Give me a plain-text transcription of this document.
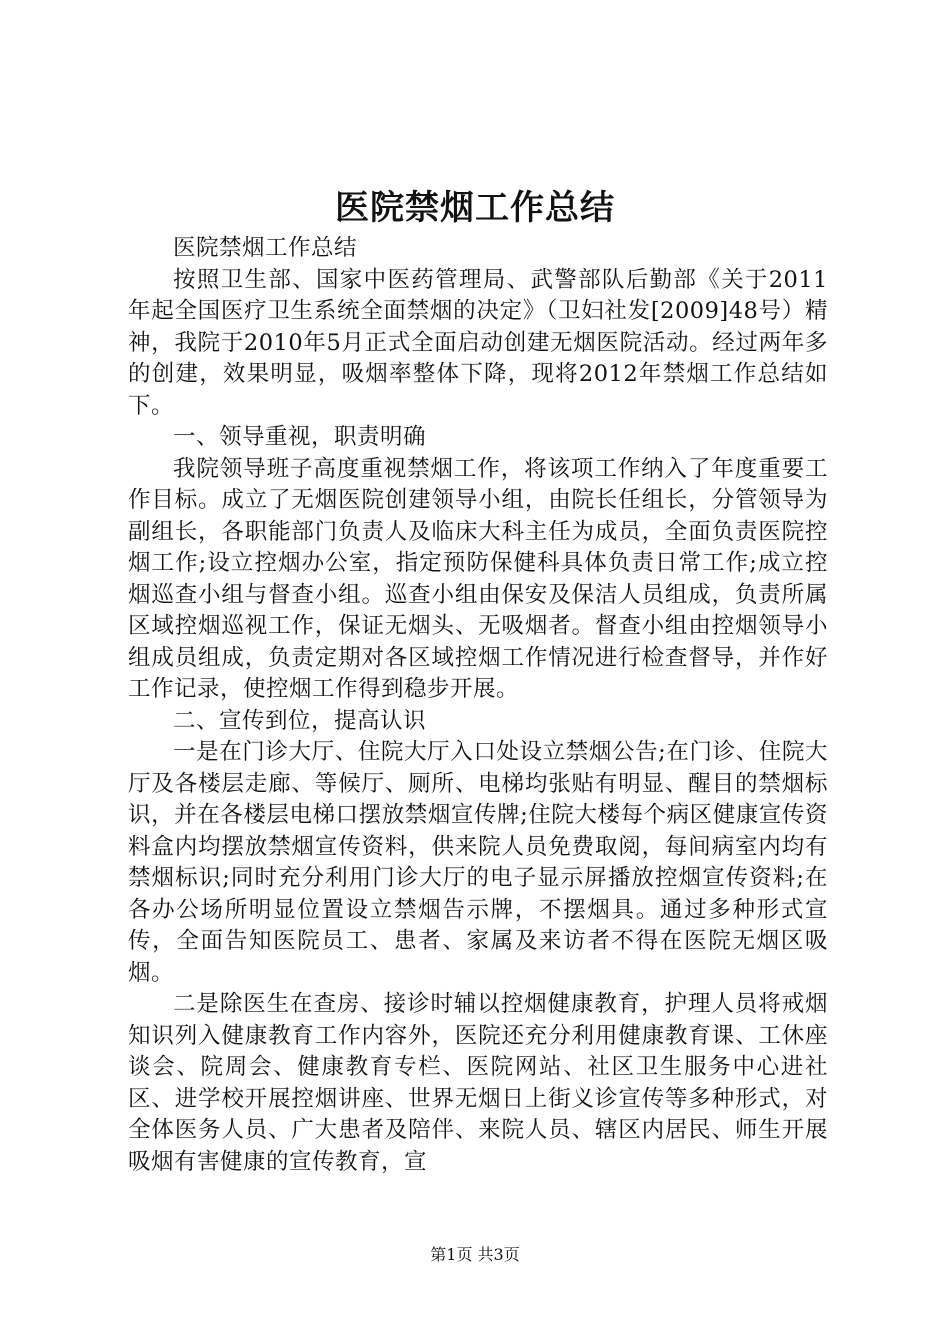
医院禁烟工作总结

医院禁烟工作总结

按照卫生部、国家中医药管理局、武警部队后勤部《关于2011年起全国医疗卫生系统全面禁烟的决定》（卫妇社发[2009]48号）精神，我院于2010年5月正式全面启动创建无烟医院活动。经过两年多的创建，效果明显，吸烟率整体下降，现将2012年禁烟工作总结如下。

一、领导重视，职责明确

我院领导班子高度重视禁烟工作，将该项工作纳入了年度重要工作目标。成立了无烟医院创建领导小组，由院长任组长，分管领导为副组长，各职能部门负责人及临床大科主任为成员，全面负责医院控烟工作;设立控烟办公室，指定预防保健科具体负责日常工作;成立控烟巡查小组与督查小组。巡查小组由保安及保洁人员组成，负责所属区域控烟巡视工作，保证无烟头、无吸烟者。督查小组由控烟领导小组成员组成，负责定期对各区域控烟工作情况进行检查督导，并作好工作记录，使控烟工作得到稳步开展。

二、宣传到位，提高认识

一是在门诊大厅、住院大厅入口处设立禁烟公告;在门诊、住院大厅及各楼层走廊、等候厅、厕所、电梯均张贴有明显、醒目的禁烟标识，并在各楼层电梯口摆放禁烟宣传牌;住院大楼每个病区健康宣传资料盒内均摆放禁烟宣传资料，供来院人员免费取阅，每间病室内均有禁烟标识;同时充分利用门诊大厅的电子显示屏播放控烟宣传资料;在各办公场所明显位置设立禁烟告示牌，不摆烟具。通过多种形式宣传，全面告知医院员工、患者、家属及来访者不得在医院无烟区吸烟。

二是除医生在查房、接诊时辅以控烟健康教育，护理人员将戒烟知识列入健康教育工作内容外，医院还充分利用健康教育课、工休座谈会、院周会、健康教育专栏、医院网站、社区卫生服务中心进社区、进学校开展控烟讲座、世界无烟日上街义诊宣传等多种形式，对全体医务人员、广大患者及陪伴、来院人员、辖区内居民、师生开展吸烟有害健康的宣传教育，宣

第1页 共3页
